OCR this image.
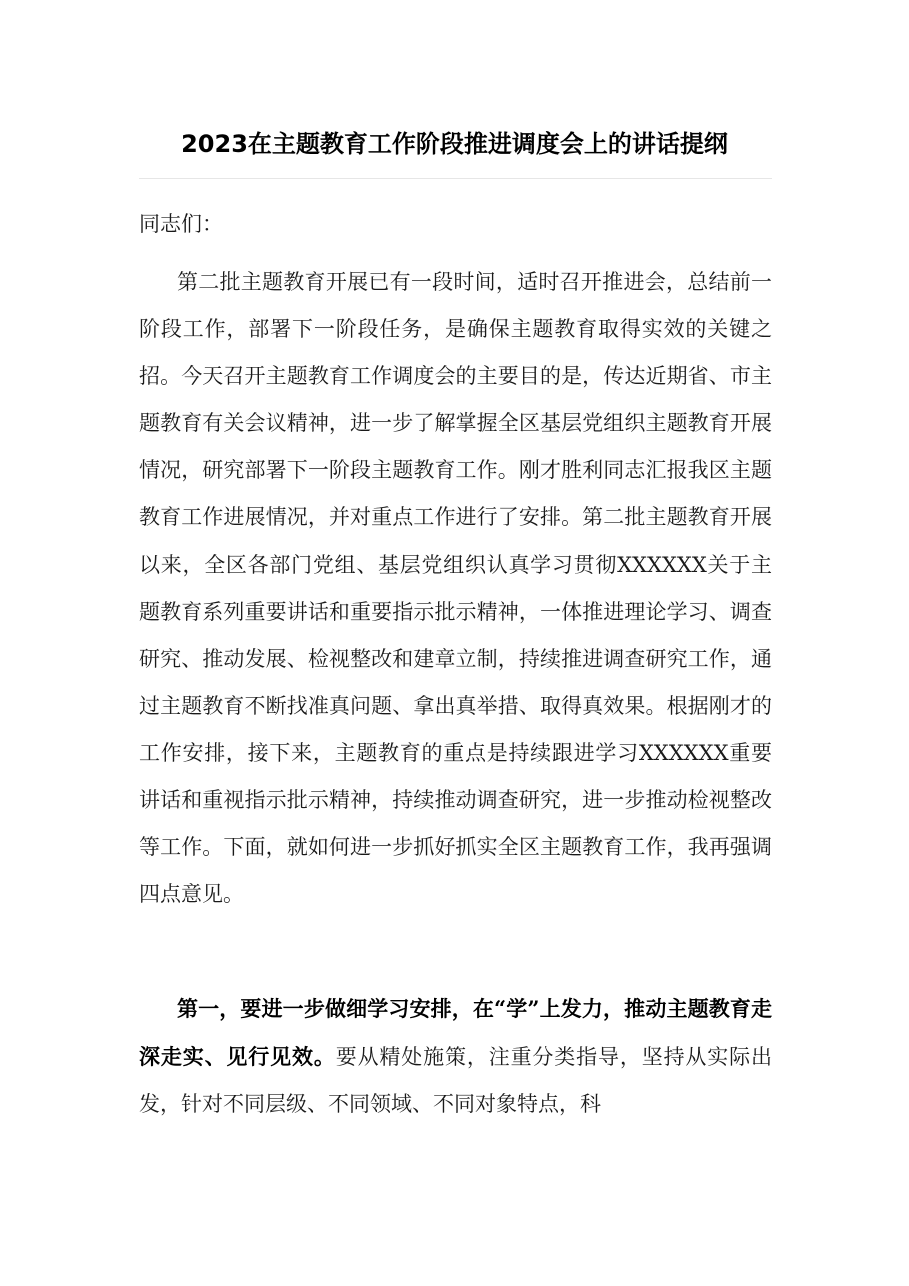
2023在主题教育工作阶段推进调度会上的讲话提纲

同志们：

第二批主题教育开展已有一段时间，适时召开推进会，总结前一阶段工作，部署下一阶段任务，是确保主题教育取得实效的关键之招。今天召开主题教育工作调度会的主要目的是，传达近期省、市主题教育有关会议精神，进一步了解掌握全区基层党组织主题教育开展情况，研究部署下一阶段主题教育工作。刚才胜利同志汇报我区主题教育工作进展情况，并对重点工作进行了安排。第二批主题教育开展以来，全区各部门党组、基层党组织认真学习贯彻XXXXXX关于主题教育系列重要讲话和重要指示批示精神，一体推进理论学习、调查研究、推动发展、检视整改和建章立制，持续推进调查研究工作，通过主题教育不断找准真问题、拿出真举措、取得真效果。根据刚才的工作安排，接下来，主题教育的重点是持续跟进学习XXXXXX重要讲话和重视指示批示精神，持续推动调查研究，进一步推动检视整改等工作。下面，就如何进一步抓好抓实全区主题教育工作，我再强调四点意见。

第一，要进一步做细学习安排，在“学”上发力，推动主题教育走深走实、见行见效。要从精处施策，注重分类指导，坚持从实际出发，针对不同层级、不同领域、不同对象特点，科
